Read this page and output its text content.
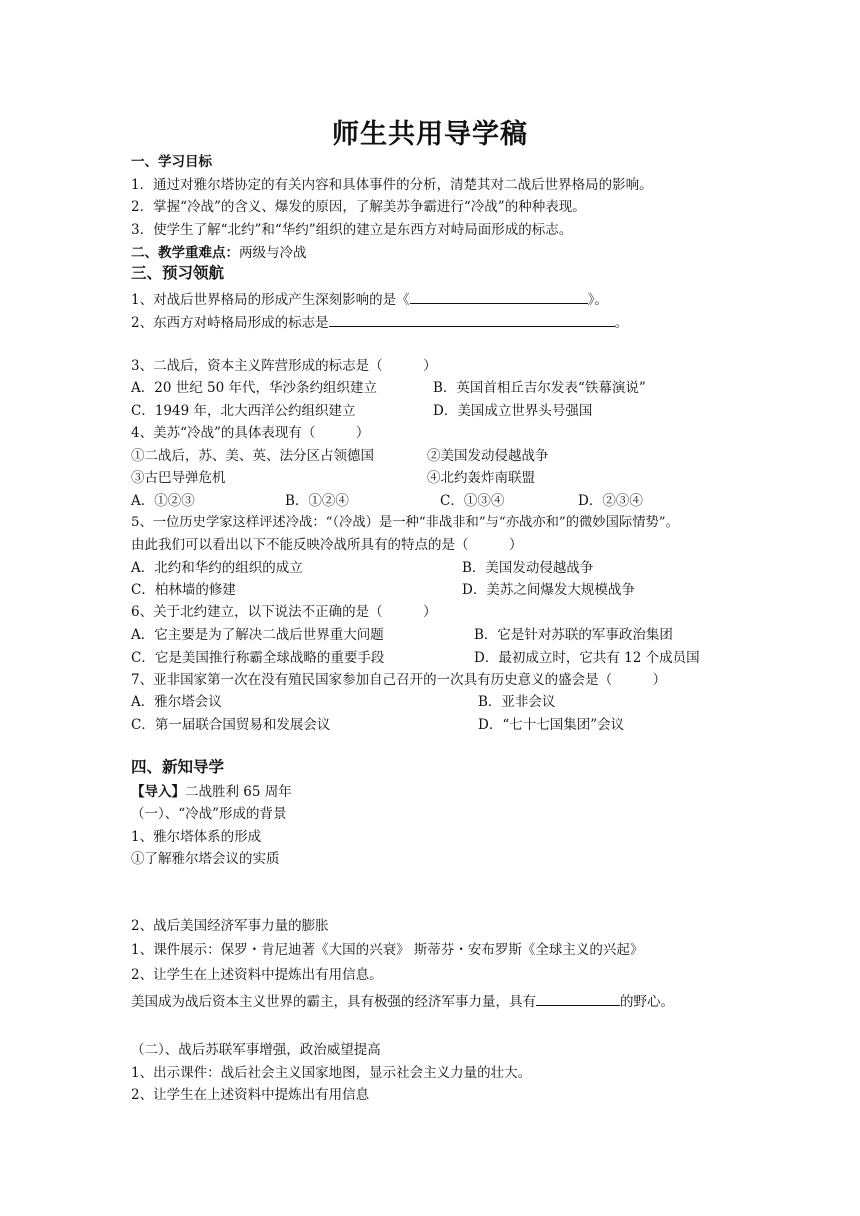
师生共用导学稿
一、学习目标
1．通过对雅尔塔协定的有关内容和具体事件的分析，清楚其对二战后世界格局的影响。
2．掌握“冷战”的含义、爆发的原因，了解美苏争霸进行“冷战”的种种表现。
3．使学生了解“北约”和“华约”组织的建立是东西方对峙局面形成的标志。
二、教学重难点：两级与冷战
三、预习领航
1、对战后世界格局的形成产生深刻影响的是《	》。
2、东西方对峙格局形成的标志是	。
3、二战后，资本主义阵营形成的标志是（　　　）
A．20 世纪 50 年代，华沙条约组织建立	B．英国首相丘吉尔发表“铁幕演说”
C．1949 年，北大西洋公约组织建立	D．美国成立世界头号强国
4、美苏“冷战”的具体表现有（　　　）
①二战后，苏、美、英、法分区占领德国	②美国发动侵越战争
③古巴导弹危机	④北约轰炸南联盟
A．①②③	B．①②④	C．①③④	D．②③④
5、一位历史学家这样评述冷战：“（冷战）是一种“非战非和”与“亦战亦和”的微妙国际情势”。
由此我们可以看出以下不能反映冷战所具有的特点的是（　　　）
A．北约和华约的组织的成立	B．美国发动侵越战争
C．柏林墙的修建	D．美苏之间爆发大规模战争
6、关于北约建立，以下说法不正确的是（　　　）
A．它主要是为了解决二战后世界重大问题	B．它是针对苏联的军事政治集团
C．它是美国推行称霸全球战略的重要手段	D．最初成立时，它共有 12 个成员国
7、亚非国家第一次在没有殖民国家参加自己召开的一次具有历史意义的盛会是（　　　）
A．雅尔塔会议	B．亚非会议
C．第一届联合国贸易和发展会议	D．“七十七国集团”会议
四、新知导学
【导入】二战胜利 65 周年
（一）、“冷战”形成的背景
1、雅尔塔体系的形成
①了解雅尔塔会议的实质
2、战后美国经济军事力量的膨胀
1、课件展示：保罗・肯尼迪著《大国的兴衰》 斯蒂芬・安布罗斯《全球主义的兴起》
2、让学生在上述资料中提炼出有用信息。
美国成为战后资本主义世界的霸主，具有极强的经济军事力量，具有	的野心。
（二）、战后苏联军事增强，政治威望提高
1、出示课件：战后社会主义国家地图，显示社会主义力量的壮大。
2、让学生在上述资料中提炼出有用信息
